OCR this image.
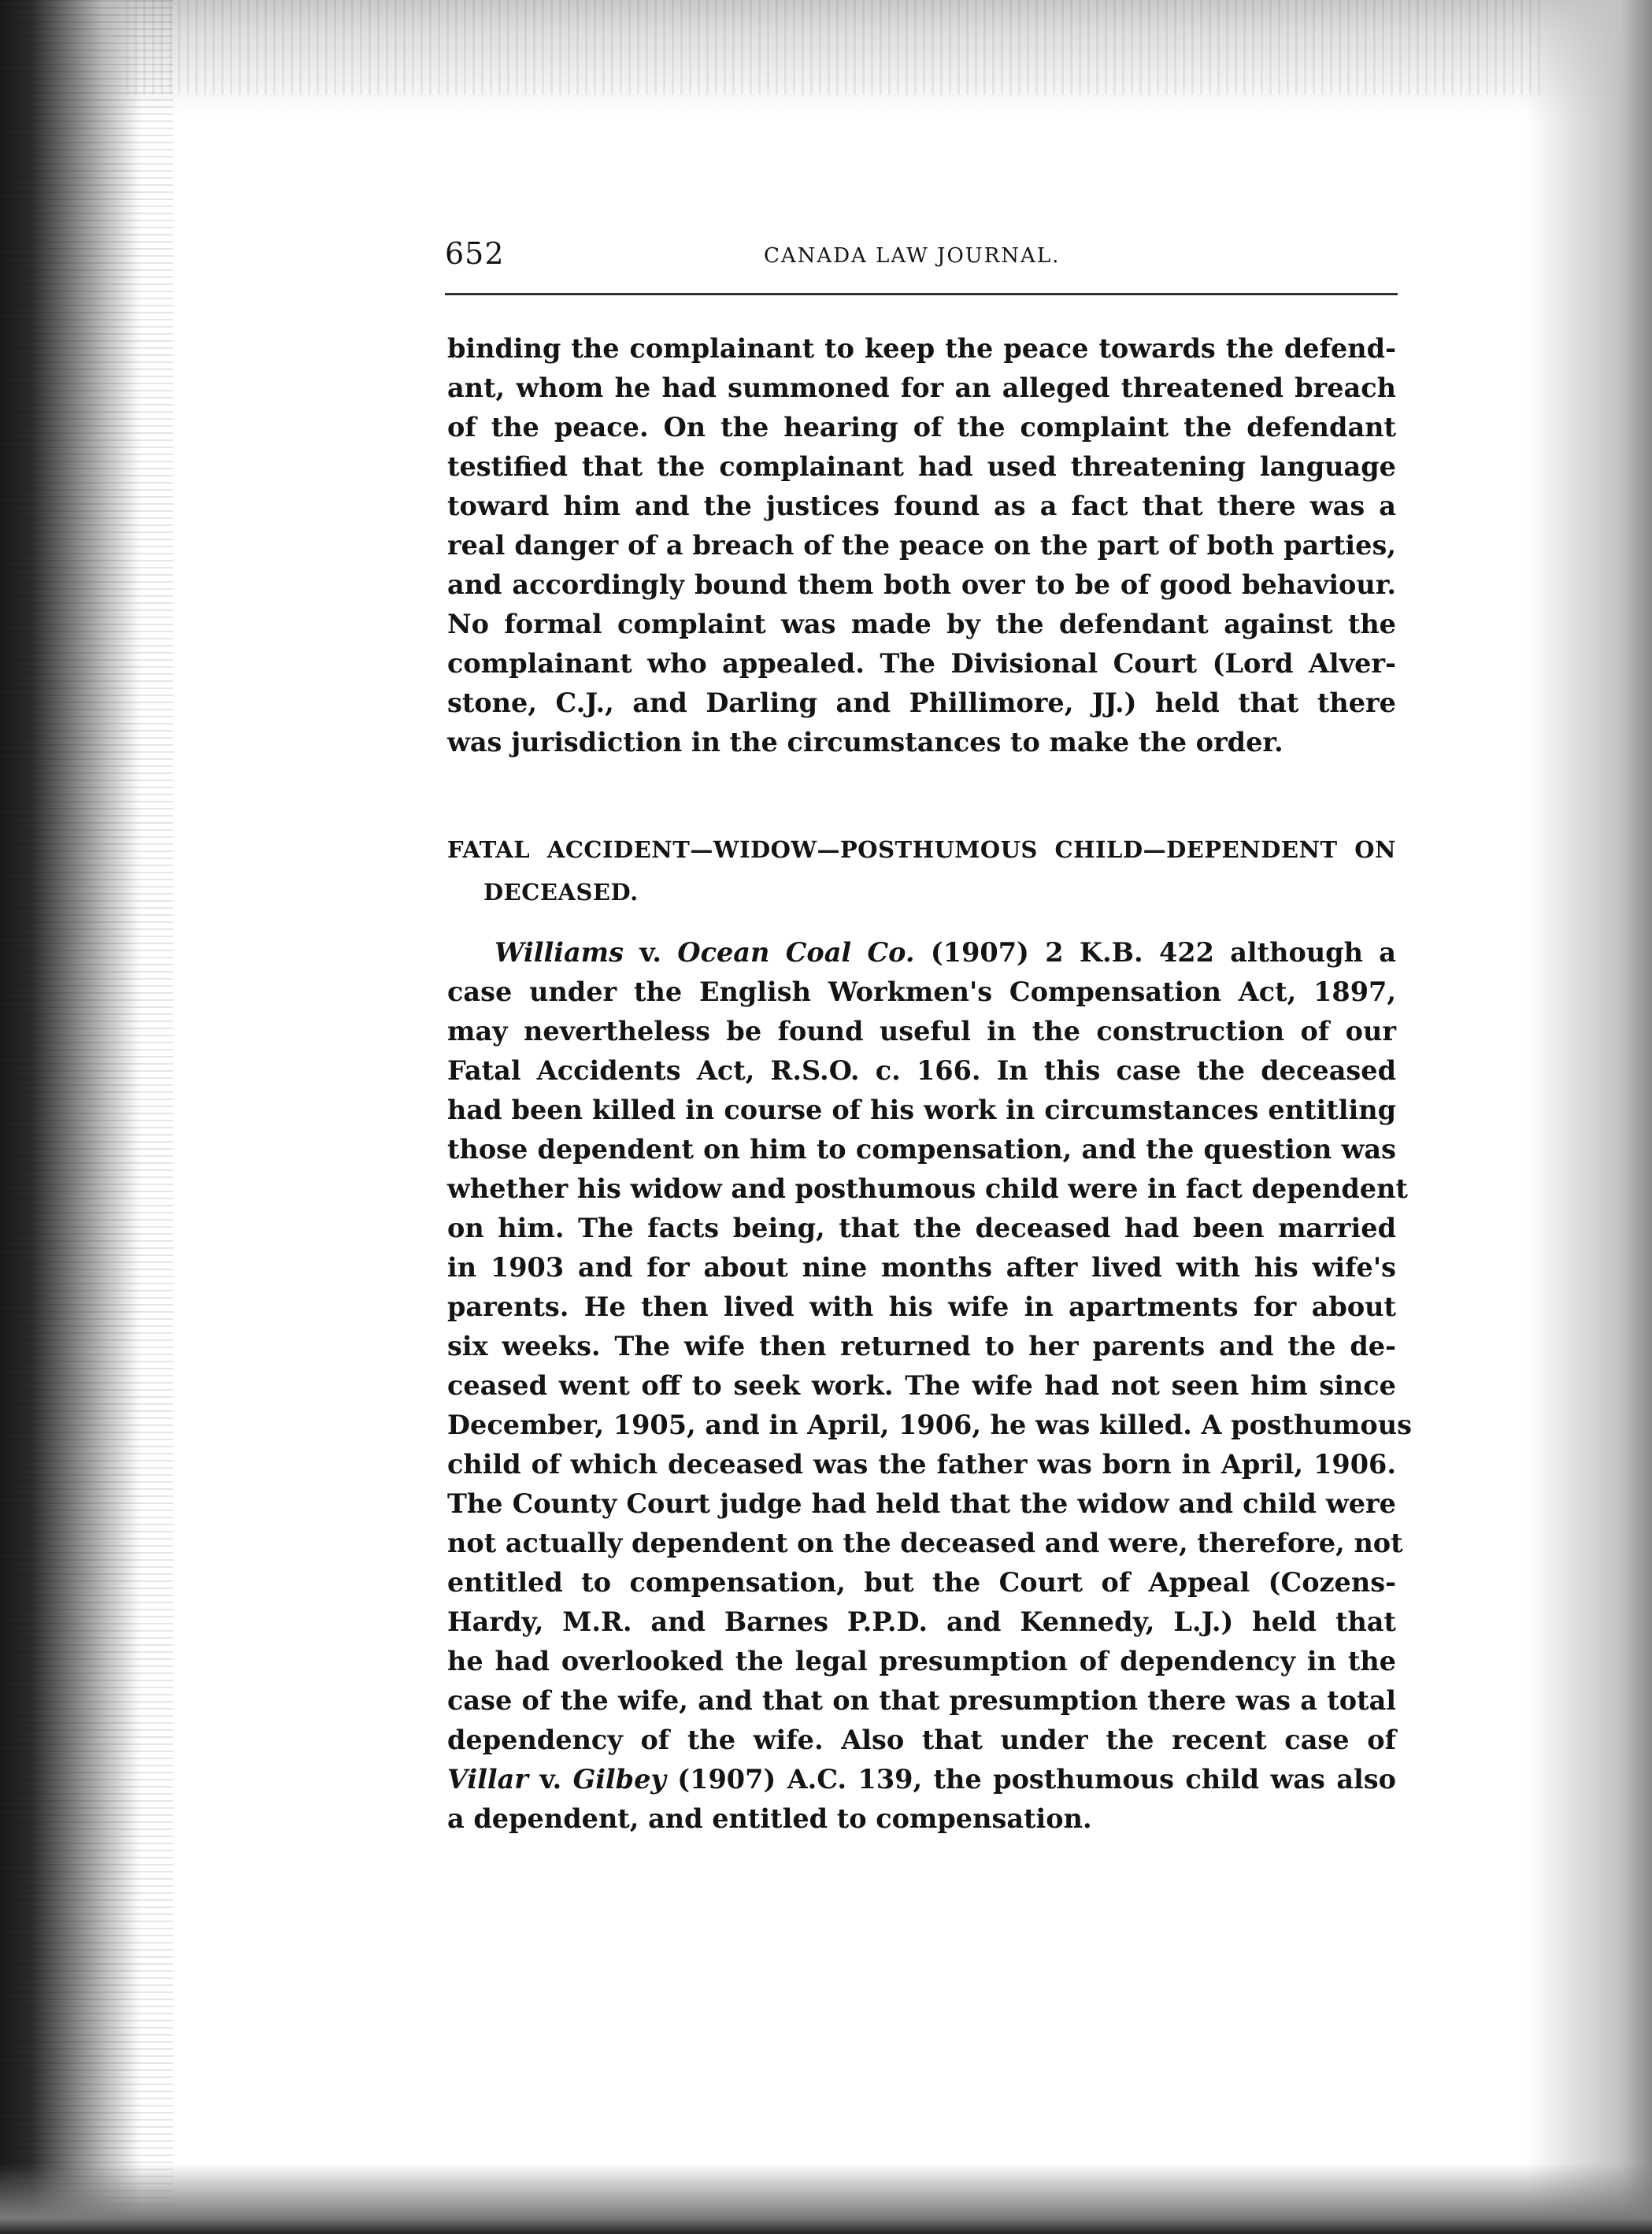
652	CANADA LAW JOURNAL.
binding the complainant to keep the peace towards the defend-
ant, whom he had summoned for an alleged threatened breach
of the peace. On the hearing of the complaint the defendant
testified that the complainant had used threatening language
toward him and the justices found as a fact that there was a
real danger of a breach of the peace on the part of both parties,
and accordingly bound them both over to be of good behaviour.
No formal complaint was made by the defendant against the
complainant who appealed. The Divisional Court (Lord Alver-
stone, C.J., and Darling and Phillimore, JJ.) held that there
was jurisdiction in the circumstances to make the order.
FATAL ACCIDENT—WIDOW—POSTHUMOUS CHILD—DEPENDENT ON
DECEASED.
Williams v. Ocean Coal Co. (1907) 2 K.B. 422 although a
case under the English Workmen's Compensation Act, 1897,
may nevertheless be found useful in the construction of our
Fatal Accidents Act, R.S.O. c. 166. In this case the deceased
had been killed in course of his work in circumstances entitling
those dependent on him to compensation, and the question was
whether his widow and posthumous child were in fact dependent
on him. The facts being, that the deceased had been married
in 1903 and for about nine months after lived with his wife's
parents. He then lived with his wife in apartments for about
six weeks. The wife then returned to her parents and the de-
ceased went off to seek work. The wife had not seen him since
December, 1905, and in April, 1906, he was killed. A posthumous
child of which deceased was the father was born in April, 1906.
The County Court judge had held that the widow and child were
not actually dependent on the deceased and were, therefore, not
entitled to compensation, but the Court of Appeal (Cozens-
Hardy, M.R. and Barnes P.P.D. and Kennedy, L.J.) held that
he had overlooked the legal presumption of dependency in the
case of the wife, and that on that presumption there was a total
dependency of the wife. Also that under the recent case of
Villar v. Gilbey (1907) A.C. 139, the posthumous child was also
a dependent, and entitled to compensation.
